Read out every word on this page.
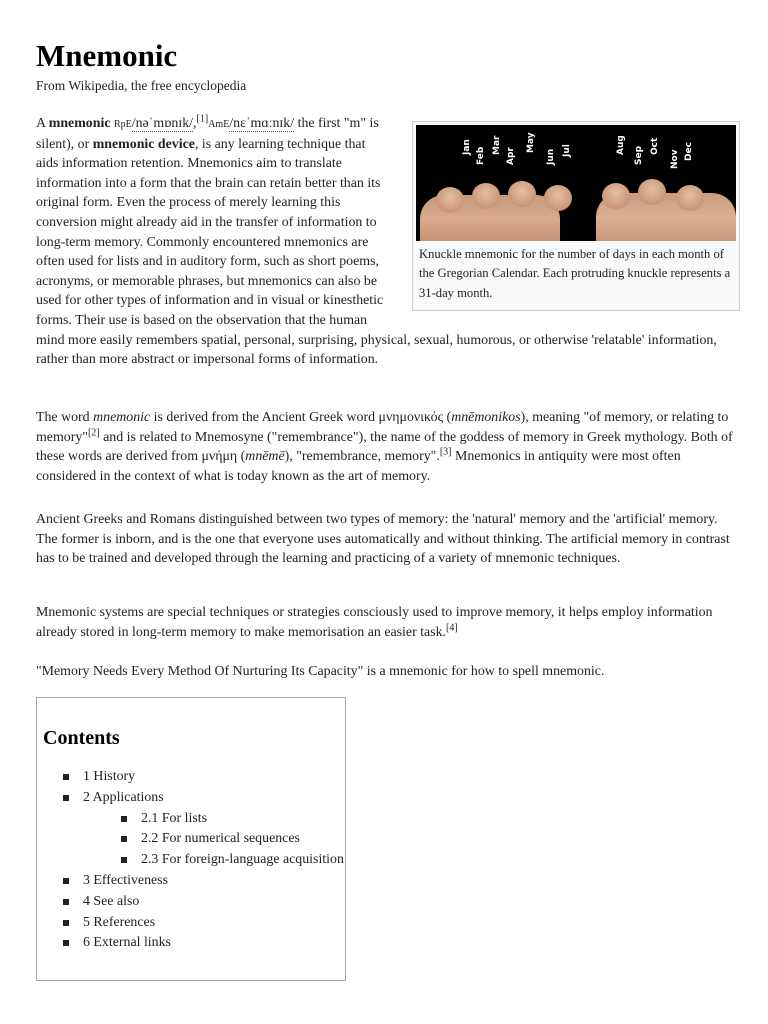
Mnemonic
From Wikipedia, the free encyclopedia
Jan Feb
Mar
Apr
May
Jun Jul	Aug
Sep Oct
Nov Dec
Knuckle mnemonic for the number of days in each month of the Gregorian Calendar. Each protruding knuckle represents a 31-day month.
A mnemonic RpE/nəˈmɒnɪk/,[1]AmE/nɛˈmɑːnɪk/ the first "m" is silent), or mnemonic device, is any learning technique that aids information retention. Mnemonics aim to translate information into a form that the brain can retain better than its original form. Even the process of merely learning this conversion might already aid in the transfer of information to long-term memory. Commonly encountered mnemonics are often used for lists and in auditory form, such as short poems, acronyms, or memorable phrases, but mnemonics can also be used for other types of information and in visual or kinesthetic forms. Their use is based on the observation that the human mind more easily remembers spatial, personal, surprising, physical, sexual, humorous, or otherwise 'relatable' information, rather than more abstract or impersonal forms of information.

The word mnemonic is derived from the Ancient Greek word μνημονικός (mnēmonikos), meaning "of memory, or relating to memory"[2] and is related to Mnemosyne ("remembrance"), the name of the goddess of memory in Greek mythology. Both of these words are derived from μνήμη (mnēmē), "remembrance, memory".[3] Mnemonics in antiquity were most often considered in the context of what is today known as the art of memory.

Ancient Greeks and Romans distinguished between two types of memory: the 'natural' memory and the 'artificial' memory. The former is inborn, and is the one that everyone uses automatically and without thinking. The artificial memory in contrast has to be trained and developed through the learning and practicing of a variety of mnemonic techniques.

Mnemonic systems are special techniques or strategies consciously used to improve memory, it helps employ information already stored in long-term memory to make memorisation an easier task.[4]

"Memory Needs Every Method Of Nurturing Its Capacity" is a mnemonic for how to spell mnemonic.

Contents
1 History
2 Applications
2.1 For lists
2.2 For numerical sequences
2.3 For foreign-language acquisition
3 Effectiveness
4 See also
5 References
6 External links
